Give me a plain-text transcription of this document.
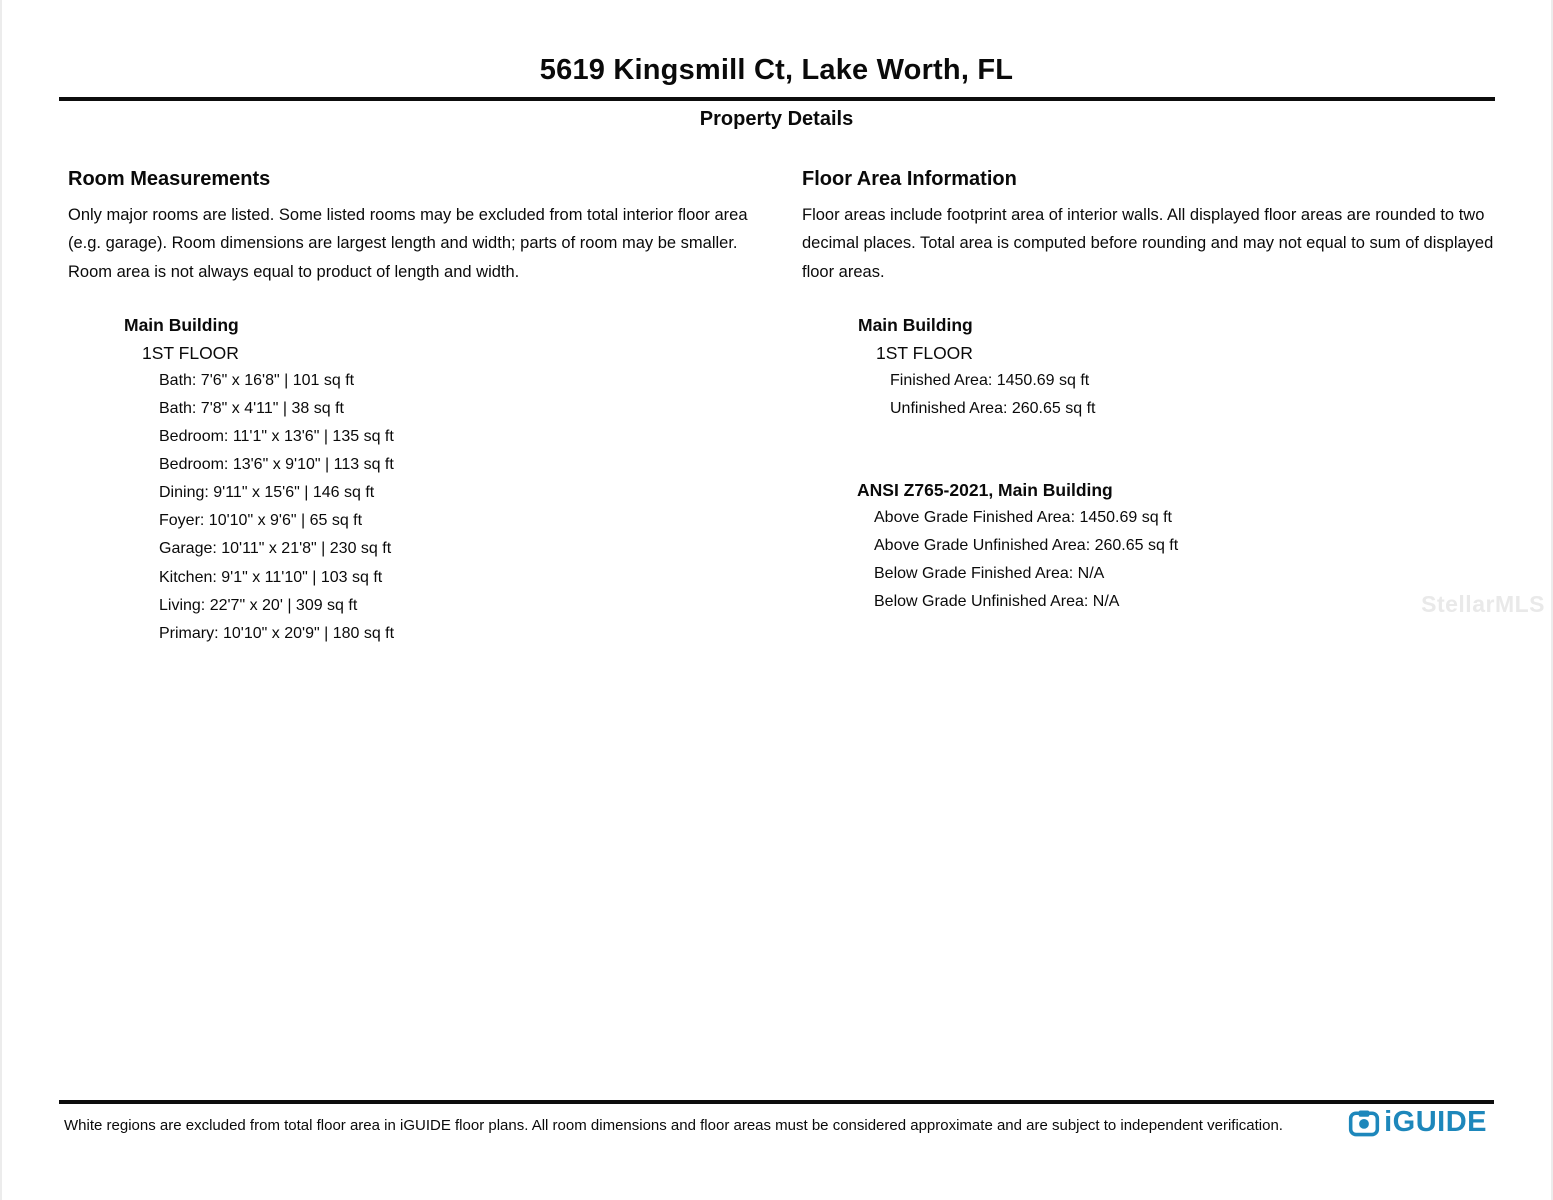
5619 Kingsmill Ct, Lake Worth, FL
Property Details
Room Measurements

Only major rooms are listed. Some listed rooms may be excluded from total interior floor area (e.g. garage). Room dimensions are largest length and width; parts of room may be smaller. Room area is not always equal to product of length and width.

Main Building
1ST FLOOR
Bath: 7'6" x 16'8" | 101 sq ft
Bath: 7'8" x 4'11" | 38 sq ft
Bedroom: 11'1" x 13'6" | 135 sq ft
Bedroom: 13'6" x 9'10" | 113 sq ft
Dining: 9'11" x 15'6" | 146 sq ft
Foyer: 10'10" x 9'6" | 65 sq ft
Garage: 10'11" x 21'8" | 230 sq ft
Kitchen: 9'1" x 11'10" | 103 sq ft
Living: 22'7" x 20' | 309 sq ft
Primary: 10'10" x 20'9" | 180 sq ft
Floor Area Information

Floor areas include footprint area of interior walls. All displayed floor areas are rounded to two decimal places. Total area is computed before rounding and may not equal to sum of displayed floor areas.

Main Building
1ST FLOOR
Finished Area: 1450.69 sq ft
Unfinished Area: 260.65 sq ft
ANSI Z765-2021, Main Building
Above Grade Finished Area: 1450.69 sq ft
Above Grade Unfinished Area: 260.65 sq ft
Below Grade Finished Area: N/A
Below Grade Unfinished Area: N/A	StellarMLS
White regions are excluded from total floor area in iGUIDE floor plans. All room dimensions and floor areas must be considered approximate and are subject to independent verification.	iGUIDE
